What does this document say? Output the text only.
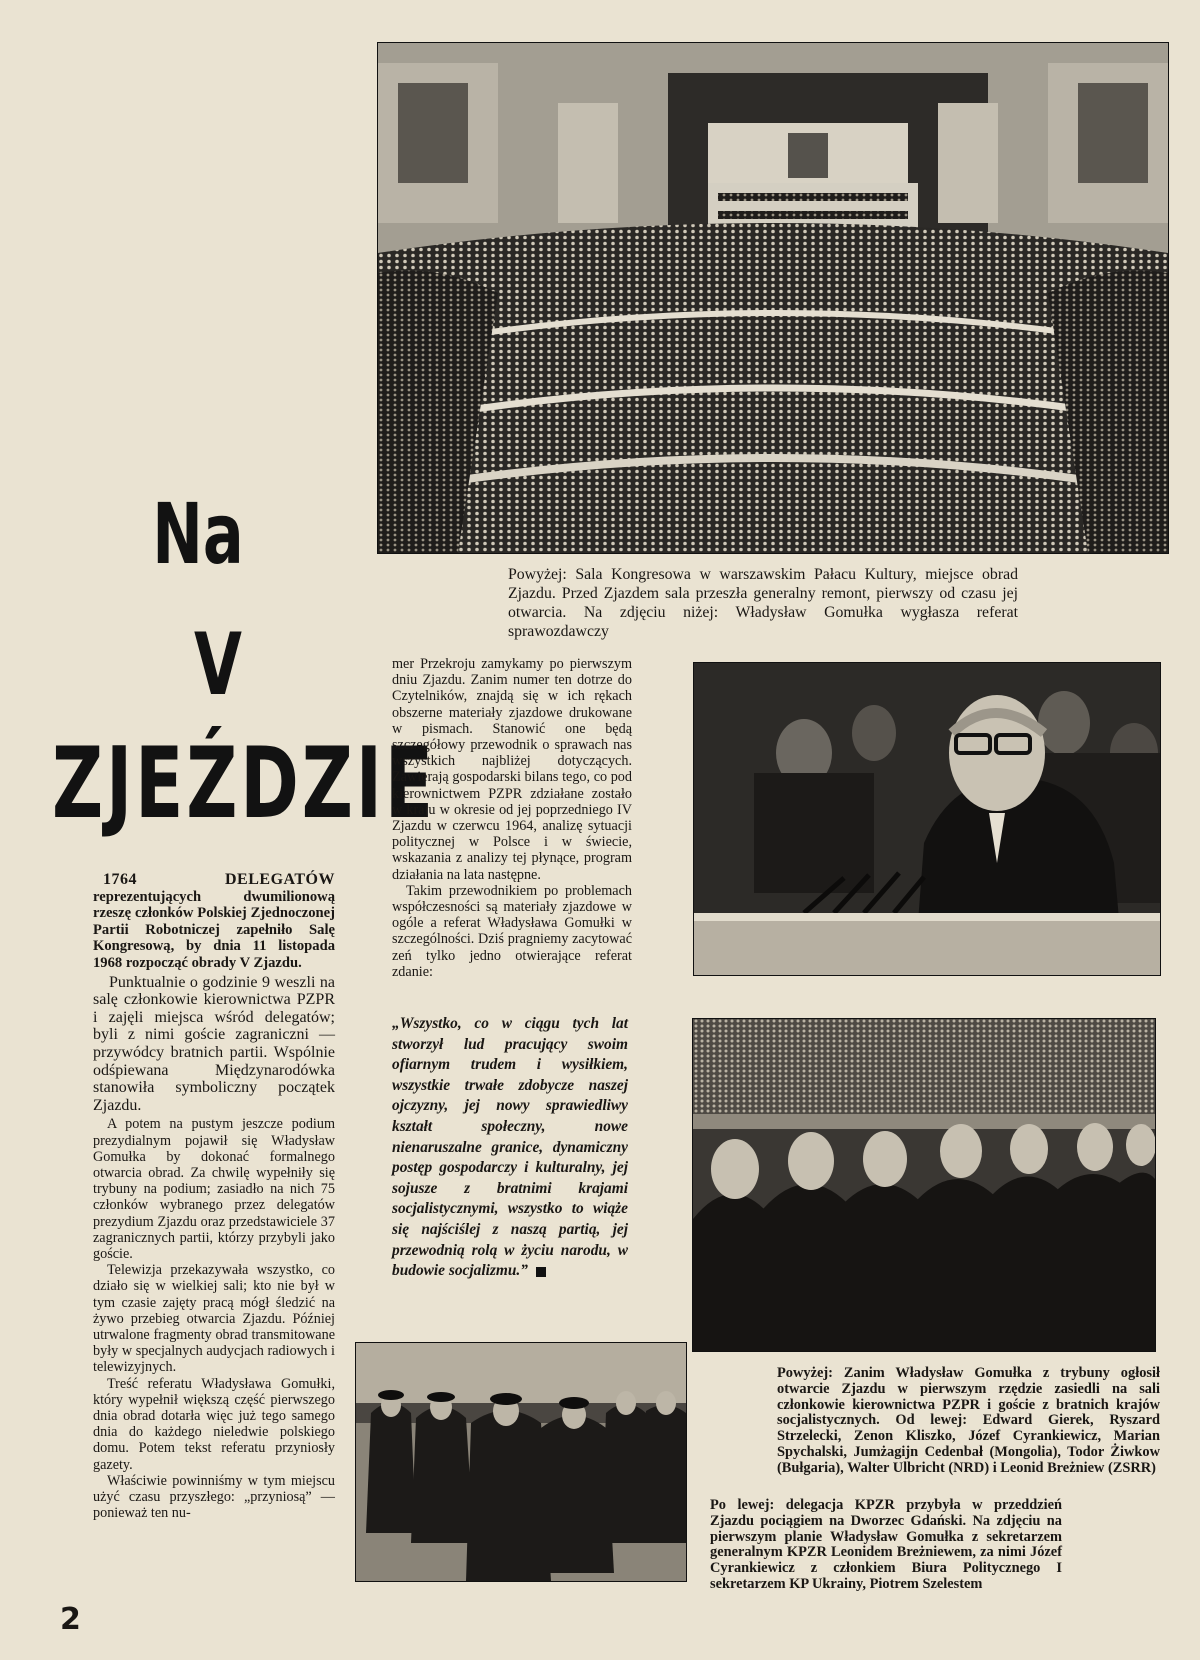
Na
V
ZJEŹDZIE
1764 DELEGATÓW reprezentujących dwumilionową rzeszę członków Polskiej Zjednoczonej Partii Robotniczej zapełniło Salę Kongresową, by dnia 11 listopada 1968 rozpocząć obrady V Zjazdu.

Punktualnie o godzinie 9 weszli na salę członkowie kierownictwa PZPR i zajęli miejsca wśród delegatów; byli z nimi goście zagraniczni — przywódcy bratnich partii. Wspólnie odśpiewana Międzynarodówka stanowiła symboliczny początek Zjazdu.

A potem na pustym jeszcze podium prezydialnym pojawił się Władysław Gomułka by dokonać formalnego otwarcia obrad. Za chwilę wypełniły się trybuny na podium; zasiadło na nich 75 członków wybranego przez delegatów prezydium Zjazdu oraz przedstawiciele 37 zagranicznych partii, którzy przybyli jako goście.

Telewizja przekazywała wszystko, co działo się w wielkiej sali; kto nie był w tym czasie zajęty pracą mógł śledzić na żywo przebieg otwarcia Zjazdu. Później utrwalone fragmenty obrad transmitowane były w specjalnych audycjach radiowych i telewizyjnych.

Treść referatu Władysława Gomułki, który wypełnił większą część pierwszego dnia obrad dotarła więc już tego samego dnia do każdego nieledwie polskiego domu. Potem tekst referatu przyniosły gazety.

Właściwie powinniśmy w tym miejscu użyć czasu przyszłego: „przyniosą” — ponieważ ten nu-

Powyżej: Sala Kongresowa w warszawskim Pałacu Kultury, miejsce obrad Zjazdu. Przed Zjazdem sala przeszła generalny remont, pierwszy od czasu jej otwarcia. Na zdjęciu niżej: Władysław Gomułka wygłasza referat sprawozdawczy

mer Przekroju zamykamy po pierwszym dniu Zjazdu. Zanim numer ten dotrze do Czytelników, znajdą się w ich rękach obszerne materiały zjazdowe drukowane w pismach. Stanowić one będą szczegółowy przewodnik o sprawach nas wszystkich najbliżej dotyczących. Zawierają gospodarski bilans tego, co pod kierownictwem PZPR zdziałane zostało w kraju w okresie od jej poprzedniego IV Zjazdu w czerwcu 1964, analizę sytuacji politycznej w Polsce i w świecie, wskazania z analizy tej płynące, program działania na lata następne.

Takim przewodnikiem po problemach współczesności są materiały zjazdowe w ogóle a referat Władysława Gomułki w szczególności. Dziś pragniemy zacytować zeń tylko jedno otwierające referat zdanie:

„Wszystko, co w ciągu tych lat stworzył lud pracujący swoim ofiarnym trudem i wysiłkiem, wszystkie trwałe zdobycze naszej ojczyzny, jej nowy sprawiedliwy kształt społeczny, nowe nienaruszalne granice, dynamiczny postęp gospodarczy i kulturalny, jej sojusze z bratnimi krajami socjalistycznymi, wszystko to wiąże się najściślej z naszą partią, jej przewodnią rolą w życiu narodu, w budowie socjalizmu.”
Powyżej: Zanim Władysław Gomułka z trybuny ogłosił otwarcie Zjazdu w pierwszym rzędzie zasiedli na sali członkowie kierownictwa PZPR i goście z bratnich krajów socjalistycznych. Od lewej: Edward Gierek, Ryszard Strzelecki, Zenon Kliszko, Józef Cyrankiewicz, Marian Spychalski, Jumżagijn Cedenbał (Mongolia), Todor Żiwkow (Bułgaria), Walter Ulbricht (NRD) i Leonid Breżniew (ZSRR)
Po lewej: delegacja KPZR przybyła w przeddzień Zjazdu pociągiem na Dworzec Gdański. Na zdjęciu na pierwszym planie Władysław Gomułka z sekretarzem generalnym KPZR Leonidem Breżniewem, za nimi Józef Cyrankiewicz z członkiem Biura Politycznego I sekretarzem KP Ukrainy, Piotrem Szelestem
2
